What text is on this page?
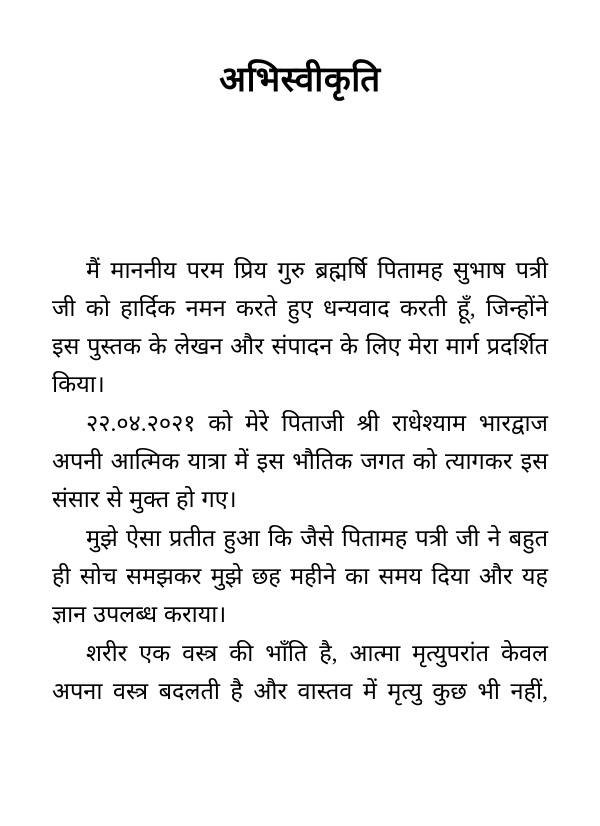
अभिस्वीकृति

मैं माननीय परम प्रिय गुरु ब्रह्मर्षि पितामह सुभाष पत्री जी को हार्दिक नमन करते हुए धन्यवाद करती हूँ, जिन्होंने इस पुस्तक के लेखन और संपादन के लिए मेरा मार्ग प्रदर्शित किया।

२२.०४.२०२१ को मेरे पिताजी श्री राधेश्याम भारद्वाज अपनी आत्मिक यात्रा में इस भौतिक जगत को त्यागकर इस संसार से मुक्त हो गए।

मुझे ऐसा प्रतीत हुआ कि जैसे पितामह पत्री जी ने बहुत ही सोच समझकर मुझे छह महीने का समय दिया और यह ज्ञान उपलब्ध कराया।

शरीर एक वस्त्र की भाँति है, आत्मा मृत्युपरांत केवल अपना वस्त्र बदलती है और वास्तव में मृत्यु कुछ भी नहीं,
